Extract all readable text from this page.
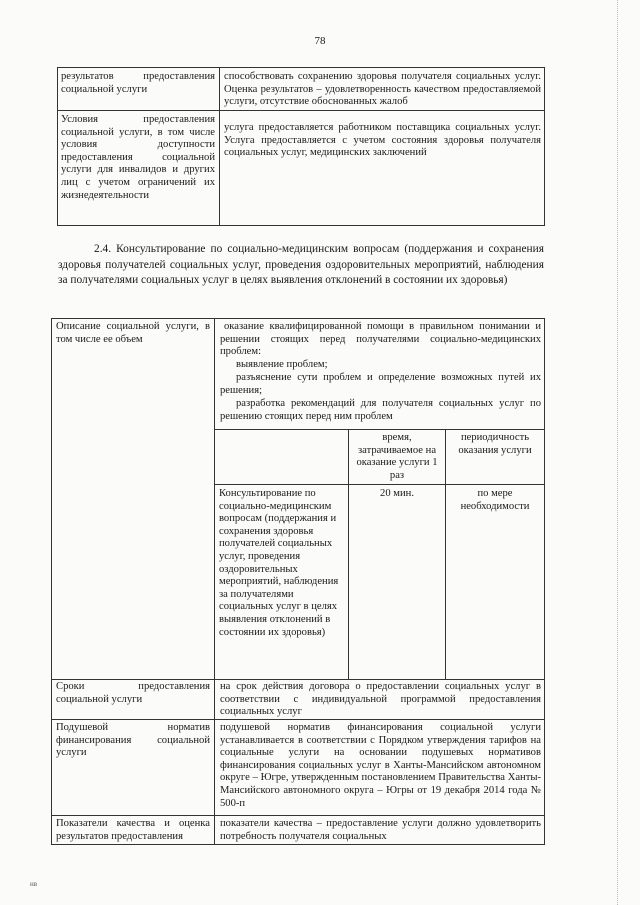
78
результатов предоставления социальной услуги
способствовать сохранению здоровья получателя социальных услуг. Оценка результатов – удовлетворенность качеством предоставляемой услуги, отсутствие обоснованных жалоб
Условия предоставления социальной услуги, в том числе условия доступности предоставления социальной услуги для инвалидов и других лиц с учетом ограничений их жизнедеятельности
услуга предоставляется работником поставщика социальных услуг. Услуга предоставляется с учетом состояния здоровья получателя социальных услуг, медицинских заключений
2.4. Консультирование по социально-медицинским вопросам (поддержания и сохранения здоровья получателей социальных услуг, проведения оздоровительных мероприятий, наблюдения за получателями социальных услуг в целях выявления отклонений в состоянии их здоровья)
Описание социальной услуги, в том числе ее объем
оказание квалифицированной помощи в правильном понимании и решении стоящих перед получателями социально-медицинских проблем:
выявление проблем;
разъяснение сути проблем и определение возможных путей их решения;
разработка рекомендаций для получателя социальных услуг по решению стоящих перед ним проблем
время, затрачиваемое на оказание услуги 1 раз
периодичность оказания услуги
Консультирование по социально-медицинским вопросам (поддержания и сохранения здоровья получателей социальных услуг, проведения оздоровительных мероприятий, наблюдения за получателями социальных услуг в целях выявления отклонений в состоянии их здоровья)
20 мин.	по мере необходимости
Сроки предоставления социальной услуги
на срок действия договора о предоставлении социальных услуг в соответствии с индивидуальной программой предоставления социальных услуг
Подушевой норматив финансирования социальной услуги
подушевой норматив финансирования социальной услуги устанавливается в соответствии с Порядком утверждения тарифов на социальные услуги на основании подушевых нормативов финансирования социальных услуг в Ханты-Мансийском автономном округе – Югре, утвержденным постановлением Правительства Ханты-Мансийского автономного округа – Югры от 19 декабря 2014 года № 500-п
Показатели качества и оценка результатов предоставления
показатели качества – предоставление услуги должно удовлетворить потребность получателя социальных
нв
